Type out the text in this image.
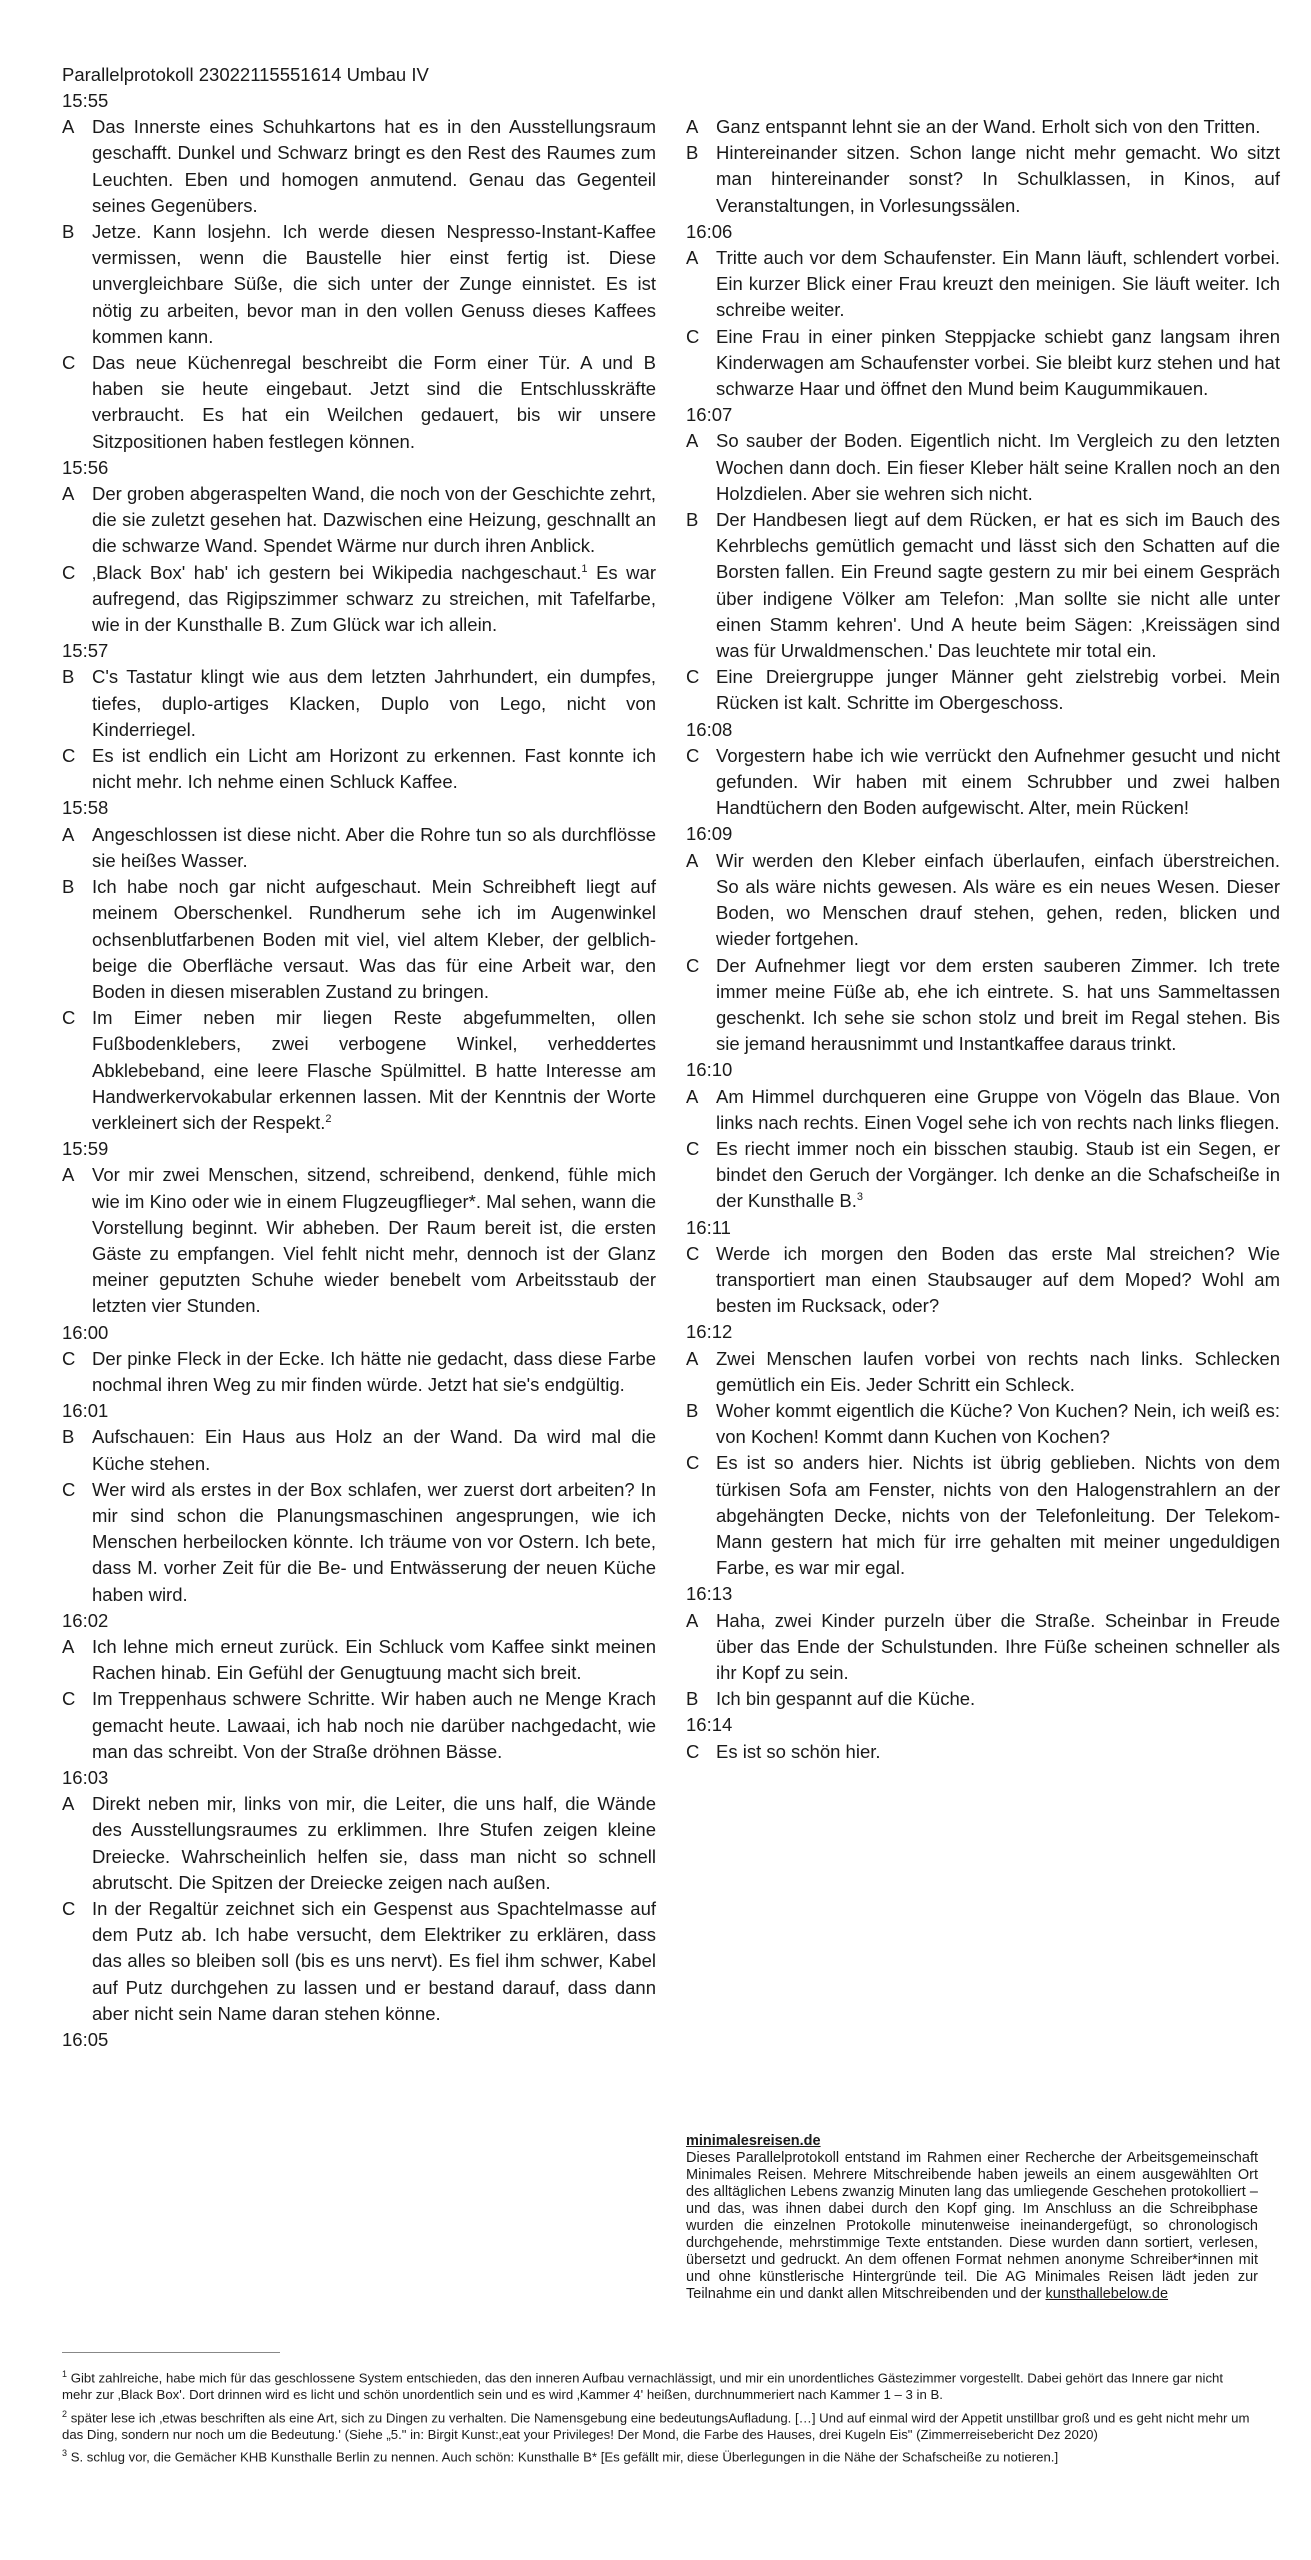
Parallelprotokoll 23022115551614 Umbau IV
15:55
A Das Innerste eines Schuhkartons hat es in den Ausstellungsraum geschafft. Dunkel und Schwarz bringt es den Rest des Raumes zum Leuchten. Eben und homogen anmutend. Genau das Gegenteil seines Gegenübers.
B Jetze. Kann losjehn. Ich werde diesen Nespresso-Instant-Kaffee vermissen, wenn die Baustelle hier einst fertig ist. Diese unvergleichbare Süße, die sich unter der Zunge einnistet. Es ist nötig zu arbeiten, bevor man in den vollen Genuss dieses Kaffees kommen kann.
C Das neue Küchenregal beschreibt die Form einer Tür. A und B haben sie heute eingebaut. Jetzt sind die Entschlusskräfte verbraucht. Es hat ein Weilchen gedauert, bis wir unsere Sitzpositionen haben festlegen können.
15:56
A Der groben abgeraspelten Wand, die noch von der Geschichte zehrt, die sie zuletzt gesehen hat. Dazwischen eine Heizung, geschnallt an die schwarze Wand. Spendet Wärme nur durch ihren Anblick.
C ‚Black Box' hab' ich gestern bei Wikipedia nachgeschaut.$^1$ Es war aufregend, das Rigipszimmer schwarz zu streichen, mit Tafelfarbe, wie in der Kunsthalle B. Zum Glück war ich allein.
15:57
B C's Tastatur klingt wie aus dem letzten Jahrhundert, ein dumpfes, tiefes, duplo-artiges Klacken, Duplo von Lego, nicht von Kinderriegel.
C Es ist endlich ein Licht am Horizont zu erkennen. Fast konnte ich nicht mehr. Ich nehme einen Schluck Kaffee.
15:58
A Angeschlossen ist diese nicht. Aber die Rohre tun so als durchflösse sie heißes Wasser.
B Ich habe noch gar nicht aufgeschaut. Mein Schreibheft liegt auf meinem Oberschenkel. Rundherum sehe ich im Augenwinkel ochsenblutfarbenen Boden mit viel, viel altem Kleber, der gelblich-beige die Oberfläche versaut. Was das für eine Arbeit war, den Boden in diesen miserablen Zustand zu bringen.
C Im Eimer neben mir liegen Reste abgefummelten, ollen Fußbodenklebers, zwei verbogene Winkel, verheddertes Abklebeband, eine leere Flasche Spülmittel. B hatte Interesse am Handwerkervokabular erkennen lassen. Mit der Kenntnis der Worte verkleinert sich der Respekt.$^2$
15:59
A Vor mir zwei Menschen, sitzend, schreibend, denkend, fühle mich wie im Kino oder wie in einem Flugzeugflieger*. Mal sehen, wann die Vorstellung beginnt. Wir abheben. Der Raum bereit ist, die ersten Gäste zu empfangen. Viel fehlt nicht mehr, dennoch ist der Glanz meiner geputzten Schuhe wieder benebelt vom Arbeitsstaub der letzten vier Stunden.
16:00
C Der pinke Fleck in der Ecke. Ich hätte nie gedacht, dass diese Farbe nochmal ihren Weg zu mir finden würde. Jetzt hat sie's endgültig.
16:01
B Aufschauen: Ein Haus aus Holz an der Wand. Da wird mal die Küche stehen.
C Wer wird als erstes in der Box schlafen, wer zuerst dort arbeiten? In mir sind schon die Planungsmaschinen angesprungen, wie ich Menschen herbeilocken könnte. Ich träume von vor Ostern. Ich bete, dass M. vorher Zeit für die Be- und Entwässerung der neuen Küche haben wird.
16:02
A Ich lehne mich erneut zurück. Ein Schluck vom Kaffee sinkt meinen Rachen hinab. Ein Gefühl der Genugtuung macht sich breit.
C Im Treppenhaus schwere Schritte. Wir haben auch ne Menge Krach gemacht heute. Lawaai, ich hab noch nie darüber nachgedacht, wie man das schreibt. Von der Straße dröhnen Bässe.
16:03
A Direkt neben mir, links von mir, die Leiter, die uns half, die Wände des Ausstellungsraumes zu erklimmen. Ihre Stufen zeigen kleine Dreiecke. Wahrscheinlich helfen sie, dass man nicht so schnell abrutscht. Die Spitzen der Dreiecke zeigen nach außen.
C In der Regaltür zeichnet sich ein Gespenst aus Spachtelmasse auf dem Putz ab. Ich habe versucht, dem Elektriker zu erklären, dass das alles so bleiben soll (bis es uns nervt). Es fiel ihm schwer, Kabel auf Putz durchgehen zu lassen und er bestand darauf, dass dann aber nicht sein Name daran stehen könne.
16:05
A Ganz entspannt lehnt sie an der Wand. Erholt sich von den Tritten.
B Hintereinander sitzen. Schon lange nicht mehr gemacht. Wo sitzt man hintereinander sonst? In Schulklassen, in Kinos, auf Veranstaltungen, in Vorlesungssälen.
16:06
A Tritte auch vor dem Schaufenster. Ein Mann läuft, schlendert vorbei. Ein kurzer Blick einer Frau kreuzt den meinigen. Sie läuft weiter. Ich schreibe weiter.
C Eine Frau in einer pinken Steppjacke schiebt ganz langsam ihren Kinderwagen am Schaufenster vorbei. Sie bleibt kurz stehen und hat schwarze Haar und öffnet den Mund beim Kaugummikauen.
16:07
A So sauber der Boden. Eigentlich nicht. Im Vergleich zu den letzten Wochen dann doch. Ein fieser Kleber hält seine Krallen noch an den Holzdielen. Aber sie wehren sich nicht.
B Der Handbesen liegt auf dem Rücken, er hat es sich im Bauch des Kehrblechs gemütlich gemacht und lässt sich den Schatten auf die Borsten fallen. Ein Freund sagte gestern zu mir bei einem Gespräch über indigene Völker am Telefon: ‚Man sollte sie nicht alle unter einen Stamm kehren'. Und A heute beim Sägen: ‚Kreissägen sind was für Urwaldmenschen.' Das leuchtete mir total ein.
C Eine Dreiergruppe junger Männer geht zielstrebig vorbei. Mein Rücken ist kalt. Schritte im Obergeschoss.
16:08
C Vorgestern habe ich wie verrückt den Aufnehmer gesucht und nicht gefunden. Wir haben mit einem Schrubber und zwei halben Handtüchern den Boden aufgewischt. Alter, mein Rücken!
16:09
A Wir werden den Kleber einfach überlaufen, einfach überstreichen. So als wäre nichts gewesen. Als wäre es ein neues Wesen. Dieser Boden, wo Menschen drauf stehen, gehen, reden, blicken und wieder fortgehen.
C Der Aufnehmer liegt vor dem ersten sauberen Zimmer. Ich trete immer meine Füße ab, ehe ich eintrete. S. hat uns Sammeltassen geschenkt. Ich sehe sie schon stolz und breit im Regal stehen. Bis sie jemand herausnimmt und Instantkaffee daraus trinkt.
16:10
A Am Himmel durchqueren eine Gruppe von Vögeln das Blaue. Von links nach rechts. Einen Vogel sehe ich von rechts nach links fliegen.
C Es riecht immer noch ein bisschen staubig. Staub ist ein Segen, er bindet den Geruch der Vorgänger. Ich denke an die Schafscheiße in der Kunsthalle B.$^3$
16:11
C Werde ich morgen den Boden das erste Mal streichen? Wie transportiert man einen Staubsauger auf dem Moped? Wohl am besten im Rucksack, oder?
16:12
A Zwei Menschen laufen vorbei von rechts nach links. Schlecken gemütlich ein Eis. Jeder Schritt ein Schleck.
B Woher kommt eigentlich die Küche? Von Kuchen? Nein, ich weiß es: von Kochen! Kommt dann Kuchen von Kochen?
C Es ist so anders hier. Nichts ist übrig geblieben. Nichts von dem türkisen Sofa am Fenster, nichts von den Halogenstrahlern an der abgehängten Decke, nichts von der Telefonleitung. Der Telekom-Mann gestern hat mich für irre gehalten mit meiner ungeduldigen Farbe, es war mir egal.
16:13
A Haha, zwei Kinder purzeln über die Straße. Scheinbar in Freude über das Ende der Schulstunden. Ihre Füße scheinen schneller als ihr Kopf zu sein.
B Ich bin gespannt auf die Küche.
16:14
C Es ist so schön hier.
minimalesreisen.de
Dieses Parallelprotokoll entstand im Rahmen einer Recherche der Arbeitsgemeinschaft Minimales Reisen. Mehrere Mitschreibende haben jeweils an einem ausgewählten Ort des alltäglichen Lebens zwanzig Minuten lang das umliegende Geschehen protokolliert – und das, was ihnen dabei durch den Kopf ging. Im Anschluss an die Schreibphase wurden die einzelnen Protokolle minutenweise ineinandergefügt, so chronologisch durchgehende, mehrstimmige Texte entstanden. Diese wurden dann sortiert, verlesen, übersetzt und gedruckt. An dem offenen Format nehmen anonyme Schreiber*innen mit und ohne künstlerische Hintergründe teil. Die AG Minimales Reisen lädt jeden zur Teilnahme ein und dankt allen Mitschreibenden und der kunsthallebelow.de
$^1$ Gibt zahlreiche, habe mich für das geschlossene System entschieden, das den inneren Aufbau vernachlässigt, und mir ein unordentliches Gästezimmer vorgestellt. Dabei gehört das Innere gar nicht mehr zur ‚Black Box'. Dort drinnen wird es licht und schön unordentlich sein und es wird ‚Kammer 4' heißen, durchnummeriert nach Kammer 1 – 3 in B.
$^2$ später lese ich ‚etwas beschriften als eine Art, sich zu Dingen zu verhalten. Die Namensgebung eine bedeutungsAufladung. […] Und auf einmal wird der Appetit unstillbar groß und es geht nicht mehr um das Ding, sondern nur noch um die Bedeutung.' (Siehe „5." in: Birgit Kunst:‚eat your Privileges! Der Mond, die Farbe des Hauses, drei Kugeln Eis" (Zimmerreisebericht Dez 2020)
$^3$ S. schlug vor, die Gemächer KHB Kunsthalle Berlin zu nennen. Auch schön: Kunsthalle B* [Es gefällt mir, diese Überlegungen in die Nähe der Schafscheiße zu notieren.]
